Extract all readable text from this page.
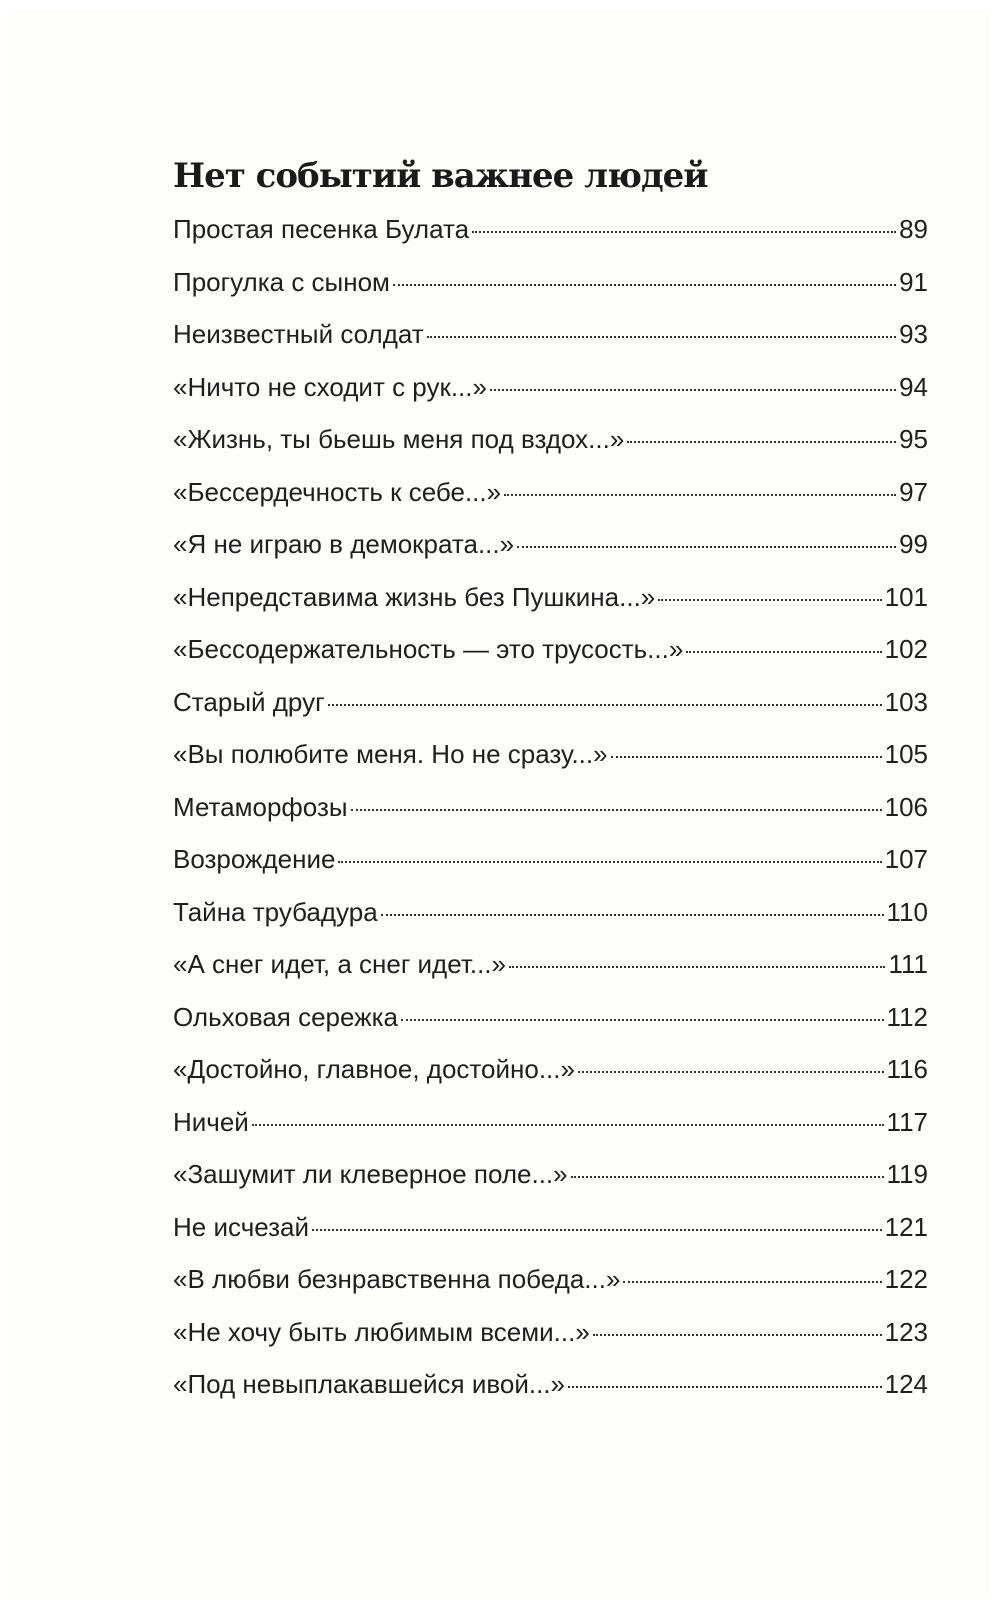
Нет событий важнее людей
Простая песенка Булата	89
Прогулка с сыном	91
Неизвестный солдат	93
«Ничто не сходит с рук...»	94
«Жизнь, ты бьешь меня под вздох...»	95
«Бессердечность к себе...»	97
«Я не играю в демократа...»	99
«Непредставима жизнь без Пушкина...»	101
«Бессодержательность — это трусость...»	102
Старый друг	103
«Вы полюбите меня. Но не сразу...»	105
Метаморфозы	106
Возрождение	107
Тайна трубадура	110
«А снег идет, а снег идет...»	111
Ольховая сережка	112
«Достойно, главное, достойно...»	116
Ничей	117
«Зашумит ли клеверное поле...»	119
Не исчезай	121
«В любви безнравственна победа...»	122
«Не хочу быть любимым всеми...»	123
«Под невыплакавшейся ивой...»	124
